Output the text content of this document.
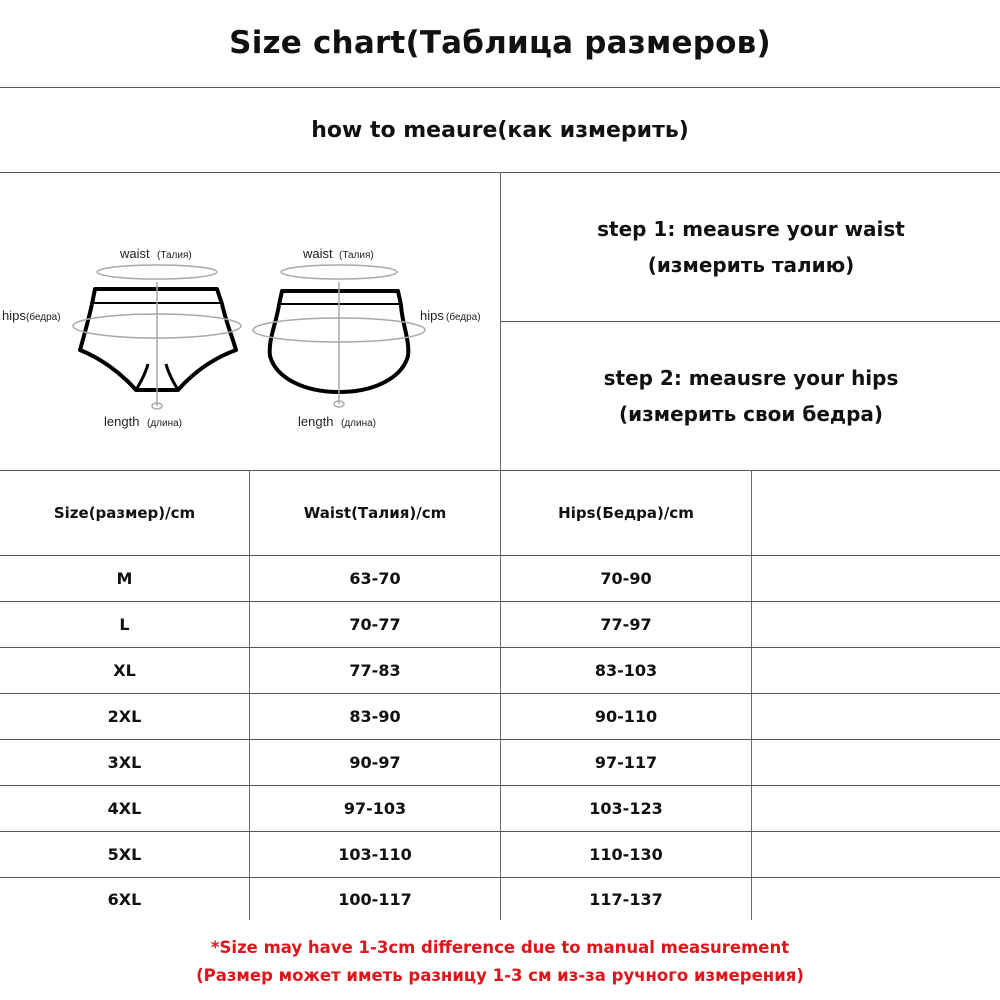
Size chart(Таблица размеров)
how to meaure(как измерить)
waist (Талия)
hips (бедра)
length (длина)
waist (Талия)
hips (бедра)
length (длина)
step 1: meausre your waist
(измерить талию)
step 2: meausre your hips
(измерить свои бедра)
Size(размер)/cm	Waist(Талия)/cm	Hips(Бедра)/cm
M	63-70	70-90
L	70-77	77-97
XL	77-83	83-103
2XL	83-90	90-110
3XL	90-97	97-117
4XL	97-103	103-123
5XL	103-110	110-130
6XL	100-117	117-137
*Size may have 1-3cm difference due to manual measurement
(Размер может иметь разницу 1-3 см из-за ручного измерения)
